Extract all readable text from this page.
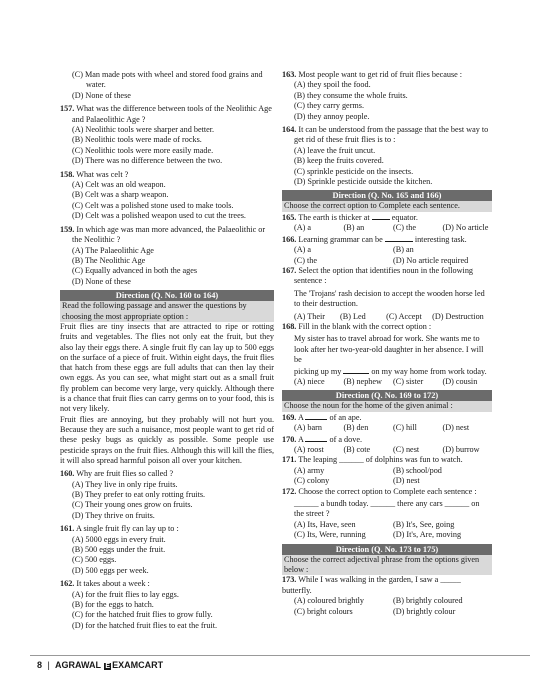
(C) Man made pots with wheel and stored food grains and
water.
(D) None of these
157. What was the difference between tools of the Neolithic Age
and Palaeolithic Age ?
(A) Neolithic tools were sharper and better.
(B) Neolithic tools were made of rocks.
(C) Neolithic tools were more easily made.
(D) There was no difference between the two.
158. What was celt ?
(A) Celt was an old weapon.
(B) Celt was a sharp weapon.
(C) Celt was a polished stone used to make tools.
(D) Celt was a polished weapon used to cut the trees.
159. In which age was man more advanced, the Palaeolithic or
the Neolithic ?
(A) The Palaeolithic Age
(B) The Neolithic Age
(C) Equally advanced in both the ages
(D) None of these
Direction (Q. No. 160 to 164)
Read the following passage and answer the questions by
choosing the most appropriate option :
Fruit flies are tiny insects that are attracted to ripe or rotting fruits and vegetables. The flies not only eat the fruit, but they also lay their eggs there. A single fruit fly can lay up to 500 eggs on the surface of a piece of fruit. Within eight days, the fruit flies that hatch from these eggs are full adults that can then lay their own eggs. As you can see, what might start out as a small fruit fly problem can become very large, very quickly. Although there is a chance that fruit flies can carry germs on to your food, this is not very likely.
Fruit flies are annoying, but they probably will not hurt you. Because they are such a nuisance, most people want to get rid of these pesky bugs as quickly as possible. Some people use pesticide sprays on the fruit flies. Although this will kill the flies, it will also spread harmful poison all over your kitchen.
160. Why are fruit flies so called ?
(A) They live in only ripe fruits.
(B) They prefer to eat only rotting fruits.
(C) Their young ones grow on fruits.
(D) They thrive on fruits.
161. A single fruit fly can lay up to :
(A) 5000 eggs in every fruit.
(B) 500 eggs under the fruit.
(C) 500 eggs.
(D) 500 eggs per week.
162. It takes about a week :
(A) for the fruit flies to lay eggs.
(B) for the eggs to hatch.
(C) for the hatched fruit flies to grow fully.
(D) for the hatched fruit flies to eat the fruit.
163. Most people want to get rid of fruit flies because :
(A) they spoil the food.
(B) they consume the whole fruits.
(C) they carry germs.
(D) they annoy people.
164. It can be understood from the passage that the best way to
get rid of these fruit flies is to :
(A) leave the fruit uncut.
(B) keep the fruits covered.
(C) sprinkle pesticide on the insects.
(D) Sprinkle pesticide outside the kitchen.
Direction (Q. No. 165 and 166)
Choose the correct option to Complete each sentence.
165. The earth is thicker at	equator.
(A) a	(B) an	(C) the	(D) No article
166. Learning grammar can be	interesting task.
(A) a	(B) an
(C) the	(D) No article required
167. Select the option that identifies noun in the following
sentence :
The 'Trojans' rash decision to accept the wooden horse led to their destruction.
(A) Their	(B) Led	(C) Accept	(D) Destruction
168. Fill in the blank with the correct option :
My sister has to travel abroad for work. She wants me to
look after her two-year-old daughter in her absence. I will be
picking up my	on my way home from work today.
(A) niece	(B) nephew	(C) sister	(D) cousin
Direction (Q. No. 169 to 172)
Choose the noun for the home of the given animal :
169. A	of an ape.
(A) barn	(B) den	(C) hill	(D) nest
170. A	of a dove.
(A) roost	(B) cote	(C) nest	(D) burrow
171. The leaping ______ of dolphins was fun to watch.
(A) army	(B) school/pod
(C) colony	(D) nest
172. Choose the correct option to Complete each sentence :
______ a bundh today. ______ there any cars ______ on
the street ?
(A) Its, Have, seen	(B) It's, See, going
(C) Its, Were, running	(D) It's, Are, moving
Direction (Q. No. 173 to 175)
Choose the correct adjectival phrase from the options given
below :
173. While I was walking in the garden, I saw a _____ butterfly.
(A) coloured brightly	(B) brightly coloured
(C) bright colours	(D) brightly colour
8 | AGRAWAL E EXAMCART
